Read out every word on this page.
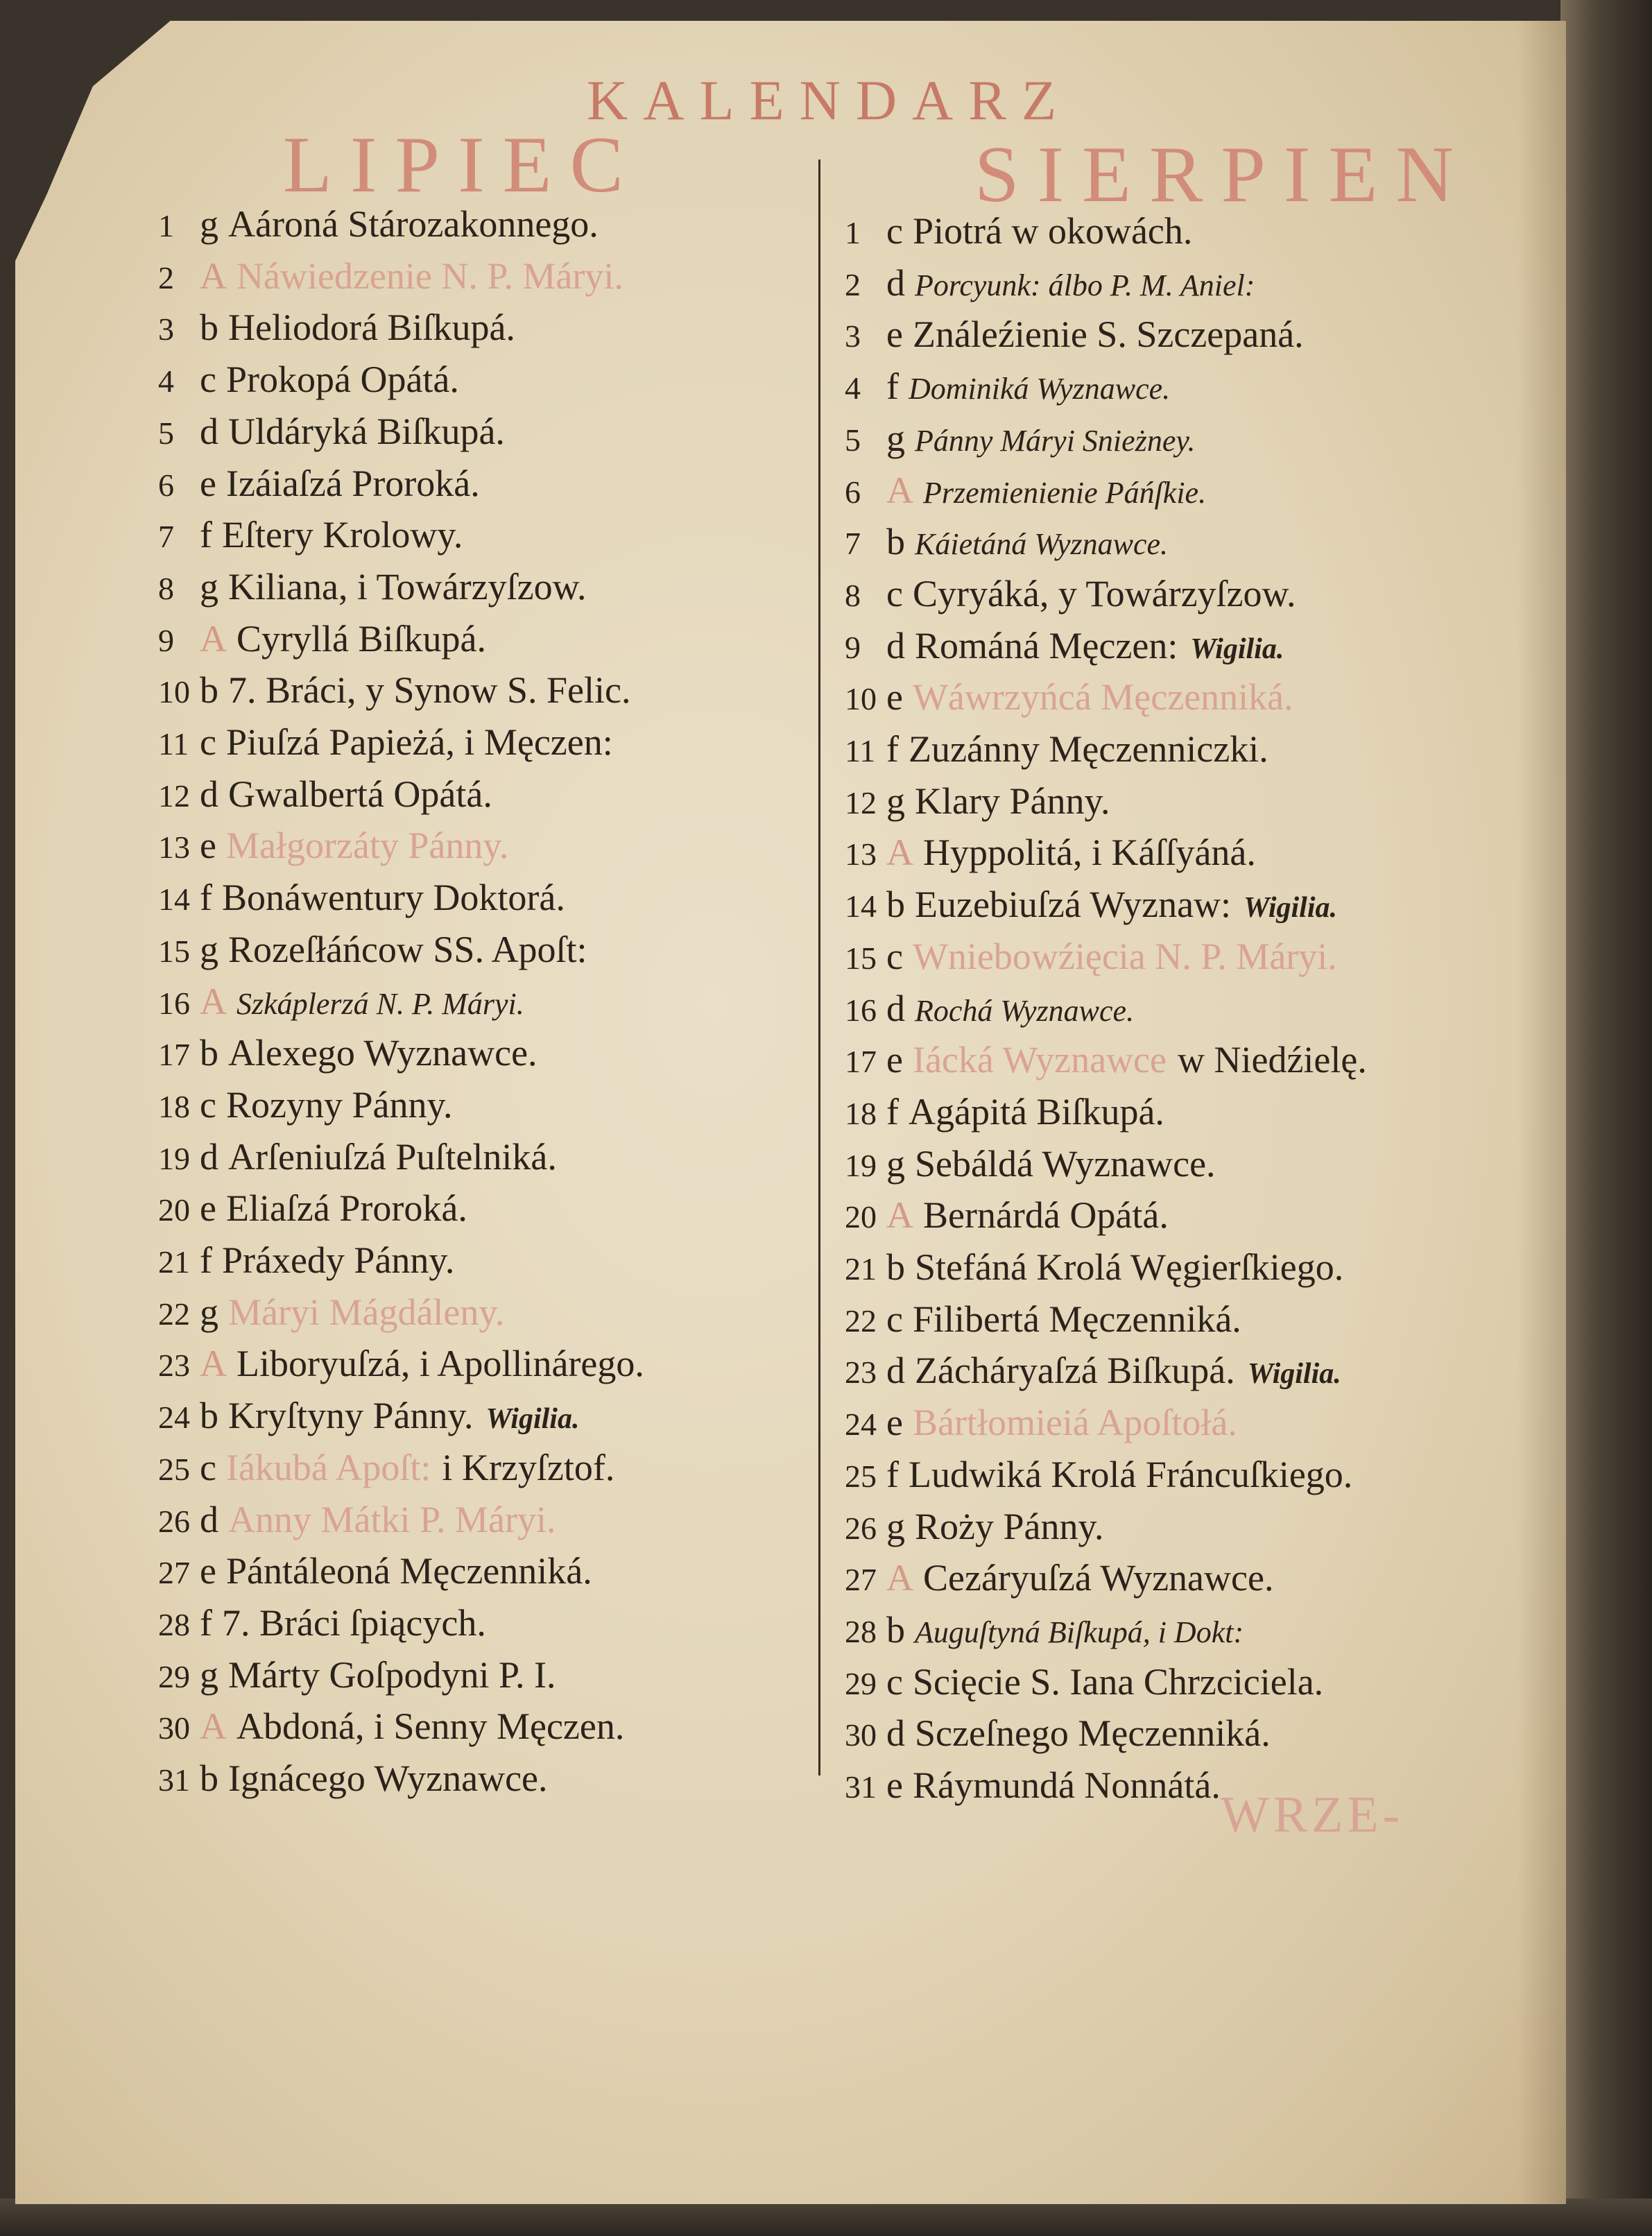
KALENDARZ
LIPIEC	SIERPIEN
1 g Aároná Stározakonnego.
2 A Náwiedzenie N. P. Máryi.
3 b Heliodorá Biſkupá.
4 c Prokopá Opátá.
5 d Uldáryká Biſkupá.
6 e Izáiaſzá Proroká.
7 f Eſtery Krolowy.
8 g Kiliana, i Towárzyſzow.
9 A Cyryllá Biſkupá.
10 b 7. Bráci, y Synow S. Felic.
11 c Piuſzá Papieżá, i Męczen:
12 d Gwalbertá Opátá.
13 e Małgorzáty Pánny.
14 f Bonáwentury Doktorá.
15 g Rozeſłáńcow SS. Apoſt:
16 A Szkáplerzá N. P. Máryi.
17 b Alexego Wyznawce.
18 c Rozyny Pánny.
19 d Arſeniuſzá Puſtelniká.
20 e Eliaſzá Proroká.
21 f Práxedy Pánny.
22 g Máryi Mágdáleny.
23 A Liboryuſzá, i Apollinárego.
24 b Kryſtyny Pánny. Wigilia.
25 c Iákubá Apoſt: i Krzyſztof.
26 d Anny Mátki P. Máryi.
27 e Pántáleoná Męczenniká.
28 f 7. Bráci ſpiących.
29 g Márty Goſpodyni P. I.
30 A Abdoná, i Senny Męczen.
31 b Ignácego Wyznawce.
1 c Piotrá w okowách.
2 d Porcyunk: álbo P. M. Aniel:
3 e Ználeźienie S. Szczepaná.
4 f Dominiká Wyznawce.
5 g Pánny Máryi Snieżney.
6 A Przemienienie Páńſkie.
7 b Káietáná Wyznawce.
8 c Cyryáká, y Towárzyſzow.
9 d Románá Męczen: Wigilia.
10 e Wáwrzyńcá Męczenniká.
11 f Zuzánny Męczenniczki.
12 g Klary Pánny.
13 A Hyppolitá, i Káſſyáná.
14 b Euzebiuſzá Wyznaw: Wigilia.
15 c Wniebowźięcia N. P. Máryi.
16 d Rochá Wyznawce.
17 e Iácká Wyznawce w Niedźielę.
18 f Agápitá Biſkupá.
19 g Sebáldá Wyznawce.
20 A Bernárdá Opátá.
21 b Stefáná Krolá Węgierſkiego.
22 c Filibertá Męczenniká.
23 d Zácháryaſzá Biſkupá. Wigilia.
24 e Bártłomieiá Apoſtołá.
25 f Ludwiká Krolá Fráncuſkiego.
26 g Roży Pánny.
27 A Cezáryuſzá Wyznawce.
28 b Auguſtyná Biſkupá, i Dokt:
29 c Scięcie S. Iana Chrzciciela.
30 d Sczeſnego Męczenniká.
31 e Ráymundá Nonnátá.
WRZE-
